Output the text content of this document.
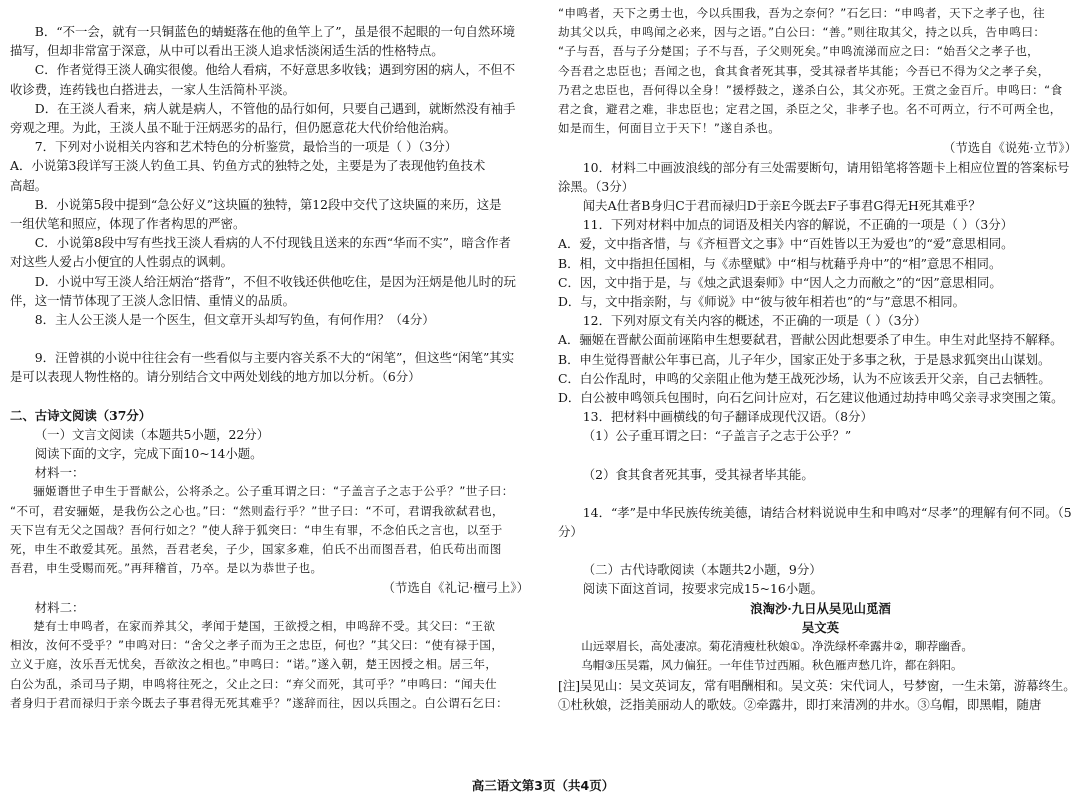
B．“不一会，就有一只铜蓝色的蜻蜓落在他的鱼竿上了”，虽是很不起眼的一句自然环境

描写，但却非常富于深意，从中可以看出王淡人追求恬淡闲适生活的性格特点。

C．作者觉得王淡人确实很傻。他给人看病，不好意思多收钱；遇到穷困的病人，不但不

收诊费，连药钱也白搭进去，一家人生活简朴平淡。

D．在王淡人看来，病人就是病人，不管他的品行如何，只要自己遇到，就断然没有袖手

旁观之理。为此，王淡人虽不耻于汪炳恶劣的品行，但仍愿意花大代价给他治病。

7．下列对小说相关内容和艺术特色的分析鉴赏，最恰当的一项是（ ）（3分）

A．小说第3段详写王淡人钓鱼工具、钓鱼方式的独特之处，主要是为了表现他钓鱼技术

高超。

B．小说第5段中提到“急公好义”这块匾的独特，第12段中交代了这块匾的来历，这是

一组伏笔和照应，体现了作者构思的严密。

C．小说第8段中写有些找王淡人看病的人不付现钱且送来的东西“华而不实”，暗含作者

对这些人爱占小便宜的人性弱点的讽刺。

D．小说中写王淡人给汪炳治“搭背”，不但不收钱还供他吃住，是因为汪炳是他儿时的玩

伴，这一情节体现了王淡人念旧情、重情义的品质。

8．主人公王淡人是一个医生，但文章开头却写钓鱼，有何作用？（4分）

9．汪曾祺的小说中往往会有一些看似与主要内容关系不大的“闲笔”，但这些“闲笔”其实

是可以表现人物性格的。请分别结合文中两处划线的地方加以分析。（6分）

二、古诗文阅读（37分）

（一）文言文阅读（本题共5小题，22分）

阅读下面的文字，完成下面10~14小题。

材料一：

骊姬谮世子申生于晋献公，公将杀之。公子重耳谓之曰：“子盖言子之志于公乎？”世子曰：

“不可，君安骊姬，是我伤公之心也。”曰：“然则盍行乎？”世子曰：“不可，君谓我欲弑君也，

天下岂有无父之国哉？吾何行如之？”使人辞于狐突曰：“申生有罪，不念伯氏之言也，以至于

死，申生不敢爱其死。虽然，吾君老矣，子少，国家多难，伯氏不出而图吾君，伯氏苟出而图

吾君，申生受赐而死。”再拜稽首，乃卒。是以为恭世子也。

（节选自《礼记·檀弓上》）

材料二：

楚有士申鸣者，在家而养其父，孝闻于楚国，王欲授之相，申鸣辞不受。其父曰：“王欲

相汝，汝何不受乎？”申鸣对曰：“舍父之孝子而为王之忠臣，何也？”其父曰：“使有禄于国，

立义于庭，汝乐吾无忧矣，吾欲汝之相也。”申鸣曰：“诺。”遂入朝，楚王因授之相。居三年，

白公为乱，杀司马子期，申鸣将往死之，父止之曰：“弃父而死，其可乎？”申鸣曰：“闻夫仕

者身归于君而禄归于亲今既去子事君得无死其难乎？”遂辞而往，因以兵围之。白公谓石乞曰：

“申鸣者，天下之勇士也，今以兵围我，吾为之奈何？”石乞曰：“申鸣者，天下之孝子也，往

劫其父以兵，申鸣闻之必来，因与之语。”白公曰：“善。”则往取其父，持之以兵，告申鸣曰：

“子与吾，吾与子分楚国；子不与吾，子父则死矣。”申鸣流涕而应之曰：“始吾父之孝子也，

今吾君之忠臣也；吾闻之也，食其食者死其事，受其禄者毕其能；今吾已不得为父之孝子矣，

乃君之忠臣也，吾何得以全身！”援桴鼓之，遂杀白公，其父亦死。王赏之金百斤。申鸣曰：“食

君之食，避君之难，非忠臣也；定君之国，杀臣之父，非孝子也。名不可两立，行不可两全也，

如是而生，何面目立于天下！”遂自杀也。

（节选自《说苑·立节》）

10．材料二中画波浪线的部分有三处需要断句，请用铅笔将答题卡上相应位置的答案标号

涂黑。（3分）

闻夫A仕者B身归C于君而禄归D于亲E今既去F子事君G得无H死其难乎？

11．下列对材料中加点的词语及相关内容的解说，不正确的一项是（ ）（3分）

A．爱，文中指吝惜，与《齐桓晋文之事》中“百姓皆以王为爱也”的“爱”意思相同。

B．相，文中指担任国相，与《赤壁赋》中“相与枕藉乎舟中”的“相”意思不相同。

C．因，文中指于是，与《烛之武退秦师》中“因人之力而敝之”的“因”意思相同。

D．与，文中指亲附，与《师说》中“彼与彼年相若也”的“与”意思不相同。

12．下列对原文有关内容的概述，不正确的一项是（ ）（3分）

A．骊姬在晋献公面前诬陷申生想要弑君，晋献公因此想要杀了申生。申生对此坚持不解释。

B．申生觉得晋献公年事已高，儿子年少，国家正处于多事之秋，于是恳求狐突出山谋划。

C．白公作乱时，申鸣的父亲阻止他为楚王战死沙场，认为不应该丢开父亲，自己去牺牲。

D．白公被申鸣领兵包围时，向石乞问计应对，石乞建议他通过劫持申鸣父亲寻求突围之策。

13．把材料中画横线的句子翻译成现代汉语。（8分）

（1）公子重耳谓之曰：“子盖言子之志于公乎？”

（2）食其食者死其事，受其禄者毕其能。

14．“孝”是中华民族传统美德，请结合材料说说申生和申鸣对“尽孝”的理解有何不同。（5分）

（二）古代诗歌阅读（本题共2小题，9分）

阅读下面这首词，按要求完成15~16小题。

浪淘沙·九日从吴见山觅酒

吴文英

山远翠眉长，高处凄凉。菊花清瘦杜秋娘①。净洗绿杯牵露井②，聊荐幽香。

乌帽③压吴霜，风力偏狂。一年佳节过西厢。秋色雁声愁几许，都在斜阳。

[注]吴见山：吴文英词友，常有唱酬相和。吴文英：宋代词人，号梦窗，一生未第，游幕终生。

①杜秋娘，泛指美丽动人的歌妓。②牵露井，即打来清冽的井水。③乌帽，即黑帽，随唐

高三语文第3页（共4页）
